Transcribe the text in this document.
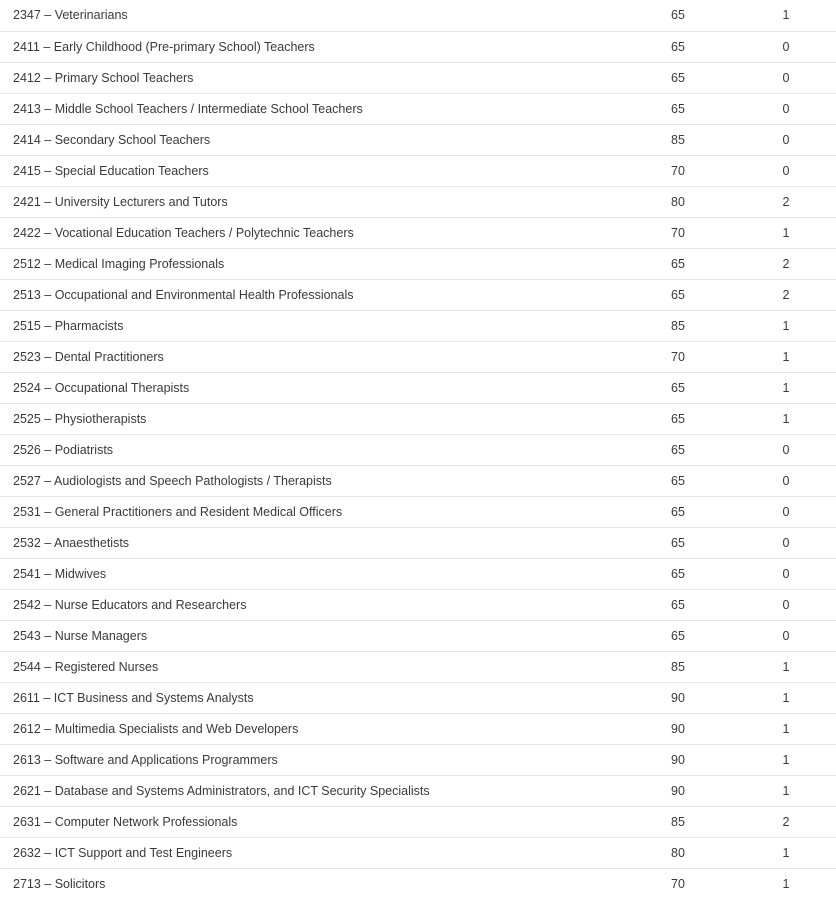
2347 – Veterinarians	65	1
2411 – Early Childhood (Pre-primary School) Teachers	65	0
2412 – Primary School Teachers	65	0
2413 – Middle School Teachers / Intermediate School Teachers	65	0
2414 – Secondary School Teachers	85	0
2415 – Special Education Teachers	70	0
2421 – University Lecturers and Tutors	80	2
2422 – Vocational Education Teachers / Polytechnic Teachers	70	1
2512 – Medical Imaging Professionals	65	2
2513 – Occupational and Environmental Health Professionals	65	2
2515 – Pharmacists	85	1
2523 – Dental Practitioners	70	1
2524 – Occupational Therapists	65	1
2525 – Physiotherapists	65	1
2526 – Podiatrists	65	0
2527 – Audiologists and Speech Pathologists / Therapists	65	0
2531 – General Practitioners and Resident Medical Officers	65	0
2532 – Anaesthetists	65	0
2541 – Midwives	65	0
2542 – Nurse Educators and Researchers	65	0
2543 – Nurse Managers	65	0
2544 – Registered Nurses	85	1
2611 – ICT Business and Systems Analysts	90	1
2612 – Multimedia Specialists and Web Developers	90	1
2613 – Software and Applications Programmers	90	1
2621 – Database and Systems Administrators, and ICT Security Specialists	90	1
2631 – Computer Network Professionals	85	2
2632 – ICT Support and Test Engineers	80	1
2713 – Solicitors	70	1
